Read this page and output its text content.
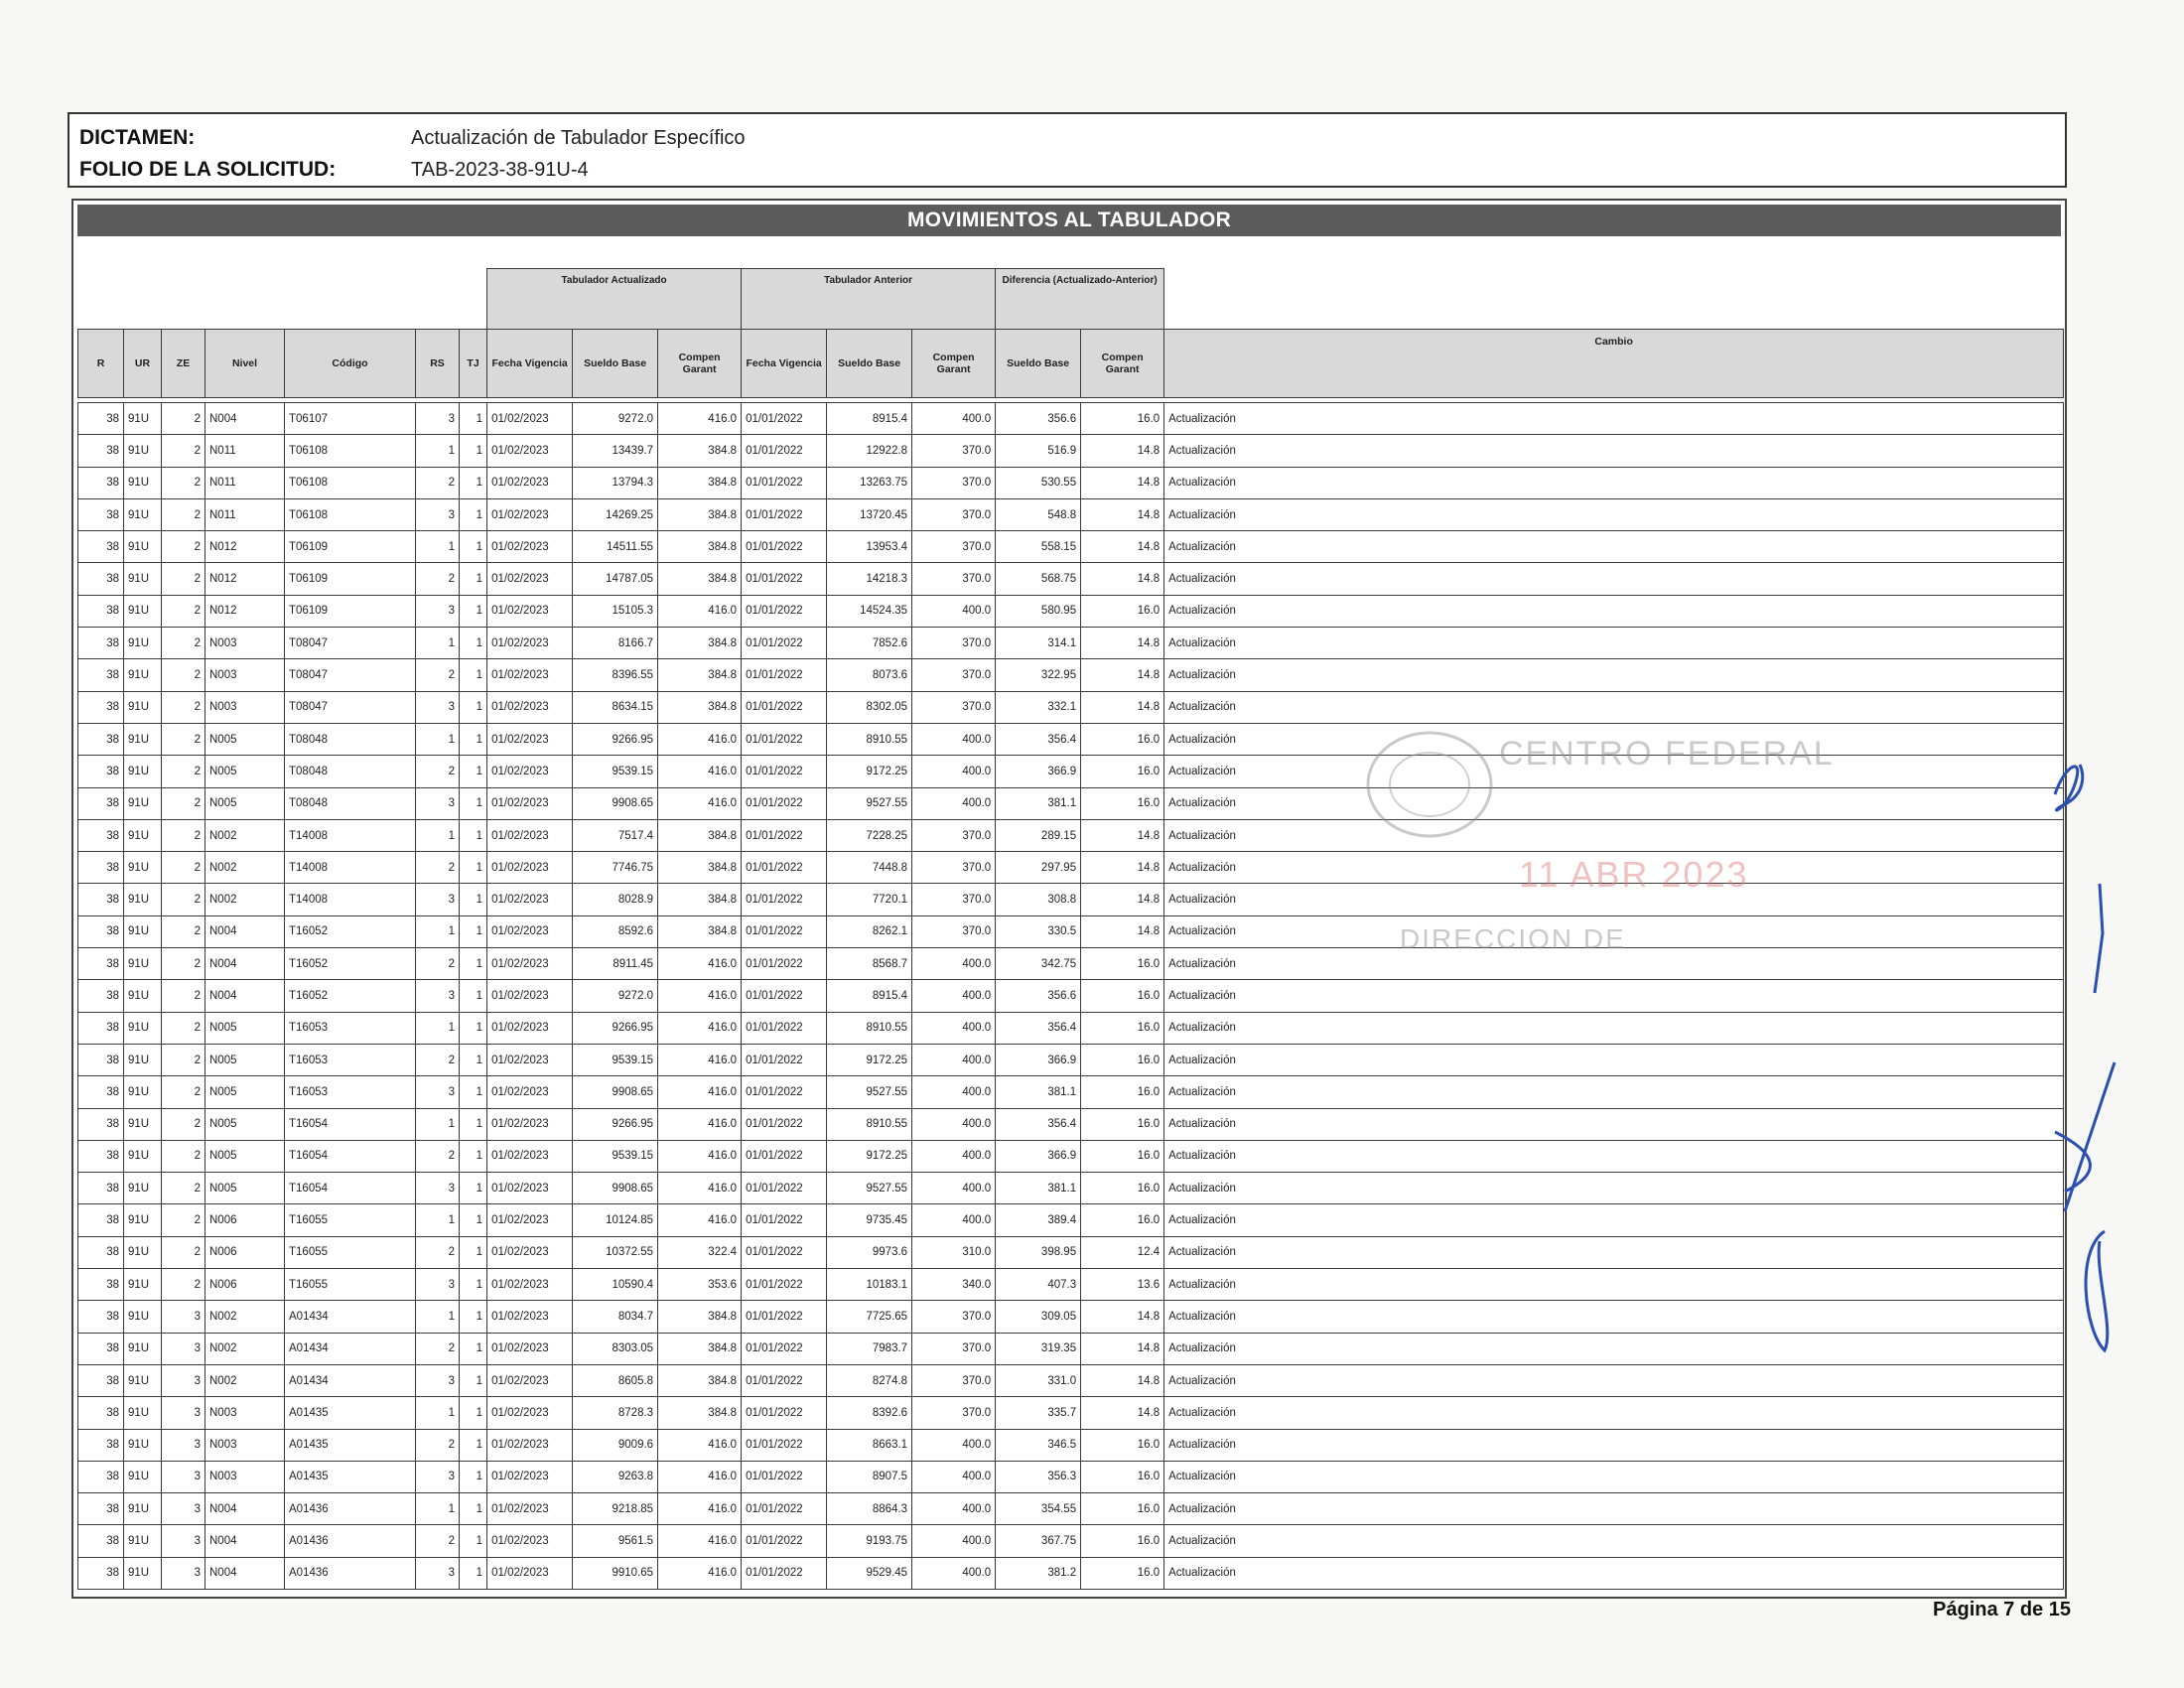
DICTAMEN:	Actualización de Tabulador Específico
FOLIO DE LA SOLICITUD:	TAB-2023-38-91U-4
MOVIMIENTOS AL TABULADOR
							Tabulador Actualizado			Tabulador Anterior			Diferencia (Actualizado-Anterior)		
R	UR	ZE	Nivel	Código	RS	TJ	Fecha Vigencia	Sueldo Base	Compen Garant	Fecha Vigencia	Sueldo Base	Compen Garant	Sueldo Base	Compen Garant	Cambio

38	91U	2	N004	T06107	3	1	01/02/2023	9272.0	416.0	01/01/2022	8915.4	400.0	356.6	16.0	Actualización
38	91U	2	N011	T06108	1	1	01/02/2023	13439.7	384.8	01/01/2022	12922.8	370.0	516.9	14.8	Actualización
38	91U	2	N011	T06108	2	1	01/02/2023	13794.3	384.8	01/01/2022	13263.75	370.0	530.55	14.8	Actualización
38	91U	2	N011	T06108	3	1	01/02/2023	14269.25	384.8	01/01/2022	13720.45	370.0	548.8	14.8	Actualización
38	91U	2	N012	T06109	1	1	01/02/2023	14511.55	384.8	01/01/2022	13953.4	370.0	558.15	14.8	Actualización
38	91U	2	N012	T06109	2	1	01/02/2023	14787.05	384.8	01/01/2022	14218.3	370.0	568.75	14.8	Actualización
38	91U	2	N012	T06109	3	1	01/02/2023	15105.3	416.0	01/01/2022	14524.35	400.0	580.95	16.0	Actualización
38	91U	2	N003	T08047	1	1	01/02/2023	8166.7	384.8	01/01/2022	7852.6	370.0	314.1	14.8	Actualización
38	91U	2	N003	T08047	2	1	01/02/2023	8396.55	384.8	01/01/2022	8073.6	370.0	322.95	14.8	Actualización
38	91U	2	N003	T08047	3	1	01/02/2023	8634.15	384.8	01/01/2022	8302.05	370.0	332.1	14.8	Actualización
38	91U	2	N005	T08048	1	1	01/02/2023	9266.95	416.0	01/01/2022	8910.55	400.0	356.4	16.0	Actualización
38	91U	2	N005	T08048	2	1	01/02/2023	9539.15	416.0	01/01/2022	9172.25	400.0	366.9	16.0	Actualización
38	91U	2	N005	T08048	3	1	01/02/2023	9908.65	416.0	01/01/2022	9527.55	400.0	381.1	16.0	Actualización
38	91U	2	N002	T14008	1	1	01/02/2023	7517.4	384.8	01/01/2022	7228.25	370.0	289.15	14.8	Actualización
38	91U	2	N002	T14008	2	1	01/02/2023	7746.75	384.8	01/01/2022	7448.8	370.0	297.95	14.8	Actualización
38	91U	2	N002	T14008	3	1	01/02/2023	8028.9	384.8	01/01/2022	7720.1	370.0	308.8	14.8	Actualización
38	91U	2	N004	T16052	1	1	01/02/2023	8592.6	384.8	01/01/2022	8262.1	370.0	330.5	14.8	Actualización
38	91U	2	N004	T16052	2	1	01/02/2023	8911.45	416.0	01/01/2022	8568.7	400.0	342.75	16.0	Actualización
38	91U	2	N004	T16052	3	1	01/02/2023	9272.0	416.0	01/01/2022	8915.4	400.0	356.6	16.0	Actualización
38	91U	2	N005	T16053	1	1	01/02/2023	9266.95	416.0	01/01/2022	8910.55	400.0	356.4	16.0	Actualización
38	91U	2	N005	T16053	2	1	01/02/2023	9539.15	416.0	01/01/2022	9172.25	400.0	366.9	16.0	Actualización
38	91U	2	N005	T16053	3	1	01/02/2023	9908.65	416.0	01/01/2022	9527.55	400.0	381.1	16.0	Actualización
38	91U	2	N005	T16054	1	1	01/02/2023	9266.95	416.0	01/01/2022	8910.55	400.0	356.4	16.0	Actualización
38	91U	2	N005	T16054	2	1	01/02/2023	9539.15	416.0	01/01/2022	9172.25	400.0	366.9	16.0	Actualización
38	91U	2	N005	T16054	3	1	01/02/2023	9908.65	416.0	01/01/2022	9527.55	400.0	381.1	16.0	Actualización
38	91U	2	N006	T16055	1	1	01/02/2023	10124.85	416.0	01/01/2022	9735.45	400.0	389.4	16.0	Actualización
38	91U	2	N006	T16055	2	1	01/02/2023	10372.55	322.4	01/01/2022	9973.6	310.0	398.95	12.4	Actualización
38	91U	2	N006	T16055	3	1	01/02/2023	10590.4	353.6	01/01/2022	10183.1	340.0	407.3	13.6	Actualización
38	91U	3	N002	A01434	1	1	01/02/2023	8034.7	384.8	01/01/2022	7725.65	370.0	309.05	14.8	Actualización
38	91U	3	N002	A01434	2	1	01/02/2023	8303.05	384.8	01/01/2022	7983.7	370.0	319.35	14.8	Actualización
38	91U	3	N002	A01434	3	1	01/02/2023	8605.8	384.8	01/01/2022	8274.8	370.0	331.0	14.8	Actualización
38	91U	3	N003	A01435	1	1	01/02/2023	8728.3	384.8	01/01/2022	8392.6	370.0	335.7	14.8	Actualización
38	91U	3	N003	A01435	2	1	01/02/2023	9009.6	416.0	01/01/2022	8663.1	400.0	346.5	16.0	Actualización
38	91U	3	N003	A01435	3	1	01/02/2023	9263.8	416.0	01/01/2022	8907.5	400.0	356.3	16.0	Actualización
38	91U	3	N004	A01436	1	1	01/02/2023	9218.85	416.0	01/01/2022	8864.3	400.0	354.55	16.0	Actualización
38	91U	3	N004	A01436	2	1	01/02/2023	9561.5	416.0	01/01/2022	9193.75	400.0	367.75	16.0	Actualización
38	91U	3	N004	A01436	3	1	01/02/2023	9910.65	416.0	01/01/2022	9529.45	400.0	381.2	16.0	Actualización
CENTRO FEDERAL
11 ABR 2023
DIRECCION DE
Página 7 de 15
